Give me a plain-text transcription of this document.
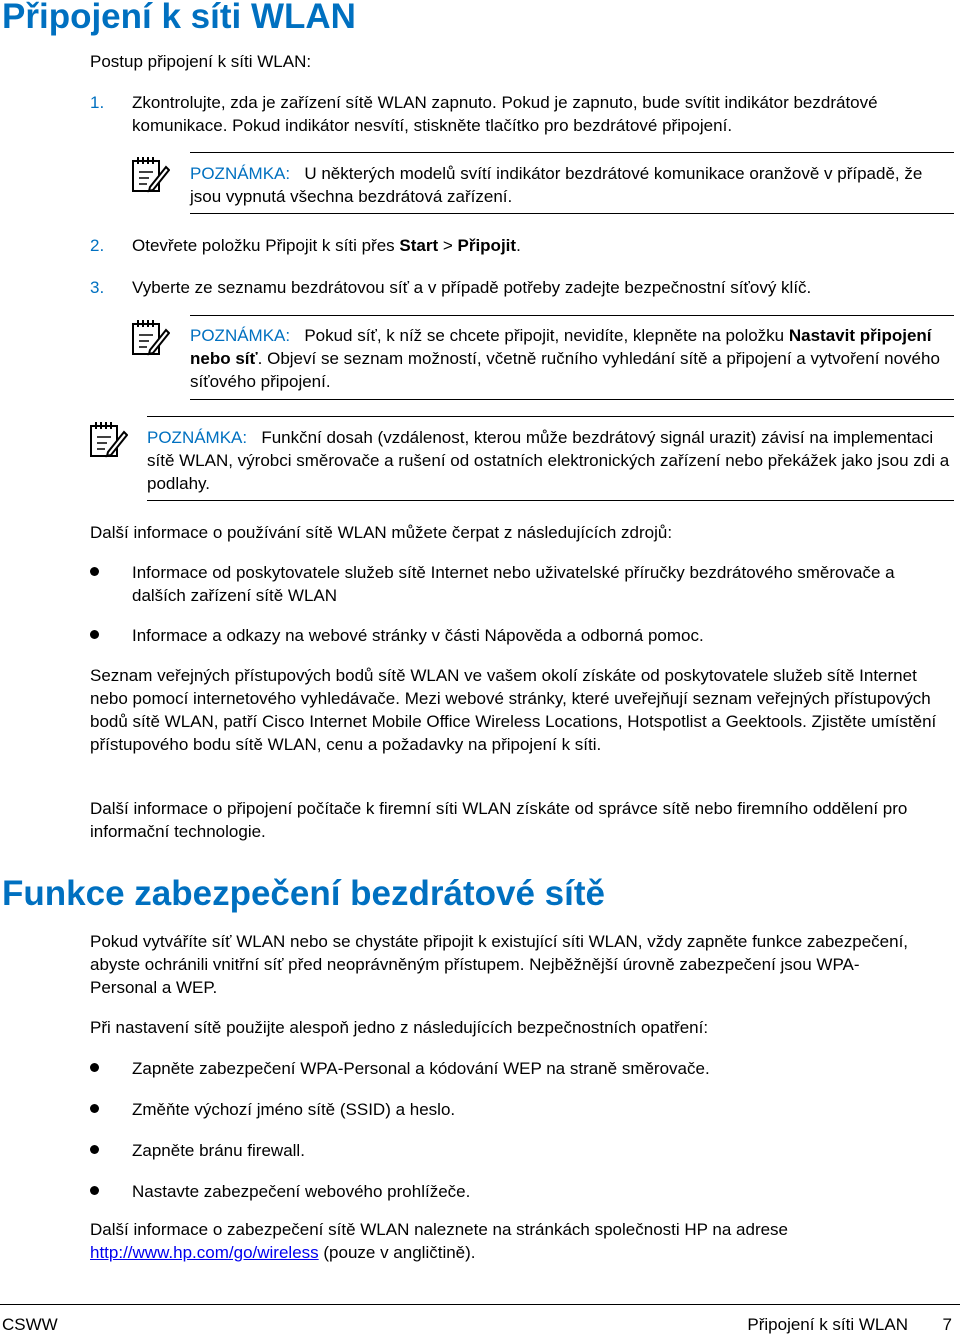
Připojení k síti WLAN
Postup připojení k síti WLAN:
1. Zkontrolujte, zda je zařízení sítě WLAN zapnuto. Pokud je zapnuto, bude svítit indikátor bezdrátové komunikace. Pokud indikátor nesvítí, stiskněte tlačítko pro bezdrátové připojení.
POZNÁMKA: U některých modelů svítí indikátor bezdrátové komunikace oranžově v případě, že jsou vypnutá všechna bezdrátová zařízení.
2. Otevřete položku Připojit k síti přes Start > Připojit.
3. Vyberte ze seznamu bezdrátovou síť a v případě potřeby zadejte bezpečnostní síťový klíč.
POZNÁMKA: Pokud síť, k níž se chcete připojit, nevidíte, klepněte na položku Nastavit připojení nebo síť. Objeví se seznam možností, včetně ručního vyhledání sítě a připojení a vytvoření nového síťového připojení.
POZNÁMKA: Funkční dosah (vzdálenost, kterou může bezdrátový signál urazit) závisí na implementaci sítě WLAN, výrobci směrovače a rušení od ostatních elektronických zařízení nebo překážek jako jsou zdi a podlahy.
Další informace o používání sítě WLAN můžete čerpat z následujících zdrojů:
Informace od poskytovatele služeb sítě Internet nebo uživatelské příručky bezdrátového směrovače a dalších zařízení sítě WLAN
Informace a odkazy na webové stránky v části Nápověda a odborná pomoc.
Seznam veřejných přístupových bodů sítě WLAN ve vašem okolí získáte od poskytovatele služeb sítě Internet nebo pomocí internetového vyhledávače. Mezi webové stránky, které uveřejňují seznam veřejných přístupových bodů sítě WLAN, patří Cisco Internet Mobile Office Wireless Locations, Hotspotlist a Geektools. Zjistěte umístění přístupového bodu sítě WLAN, cenu a požadavky na připojení k síti.
Další informace o připojení počítače k firemní síti WLAN získáte od správce sítě nebo firemního oddělení pro informační technologie.
Funkce zabezpečení bezdrátové sítě
Pokud vytváříte síť WLAN nebo se chystáte připojit k existující síti WLAN, vždy zapněte funkce zabezpečení, abyste ochránili vnitřní síť před neoprávněným přístupem. Nejběžnější úrovně zabezpečení jsou WPA-Personal a WEP.
Při nastavení sítě použijte alespoň jedno z následujících bezpečnostních opatření:
Zapněte zabezpečení WPA-Personal a kódování WEP na straně směrovače.
Změňte výchozí jméno sítě (SSID) a heslo.
Zapněte bránu firewall.
Nastavte zabezpečení webového prohlížeče.
Další informace o zabezpečení sítě WLAN naleznete na stránkách společnosti HP na adrese http://www.hp.com/go/wireless (pouze v angličtině).
CSWW	Připojení k síti WLAN 7
